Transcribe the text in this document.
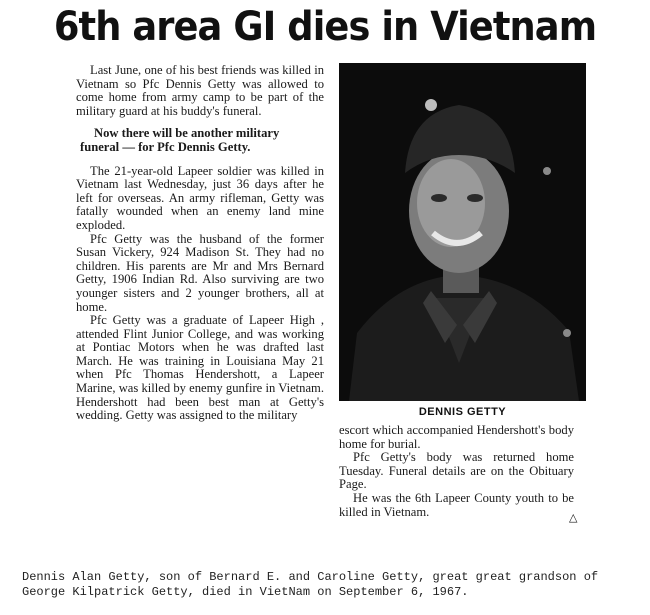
6th area GI dies in Vietnam

Last June, one of his best friends was killed in Vietnam so Pfc Dennis Getty was allowed to come home from army camp to be part of the military guard at his buddy's funeral.

Now there will be another military funeral — for Pfc Dennis Getty.

The 21-year-old Lapeer soldier was killed in Vietnam last Wednesday, just 36 days after he left for overseas. An army rifleman, Getty was fatally wounded when an enemy land mine exploded.

Pfc Getty was the husband of the former Susan Vickery, 924 Madison St. They had no children. His parents are Mr and Mrs Bernard Getty, 1906 Indian Rd. Also surviving are two younger sisters and 2 younger brothers, all at home.

Pfc Getty was a graduate of Lapeer High , attended Flint Junior College, and was working at Pontiac Motors when he was drafted last March. He was training in Louisiana May 21 when Pfc Thomas Hendershott, a Lapeer Marine, was killed by enemy gunfire in Vietnam. Hendershott had been best man at Getty's wedding. Getty was assigned to the military	DENNIS GETTY

escort which accompanied Hendershott's body home for burial.

Pfc Getty's body was returned home Tuesday. Funeral details are on the Obituary Page.

He was the 6th Lapeer County youth to be killed in Vietnam.	△
Dennis Alan Getty, son of Bernard E. and Caroline Getty, great great grandson of George Kilpatrick Getty, died in VietNam on September 6, 1967.
